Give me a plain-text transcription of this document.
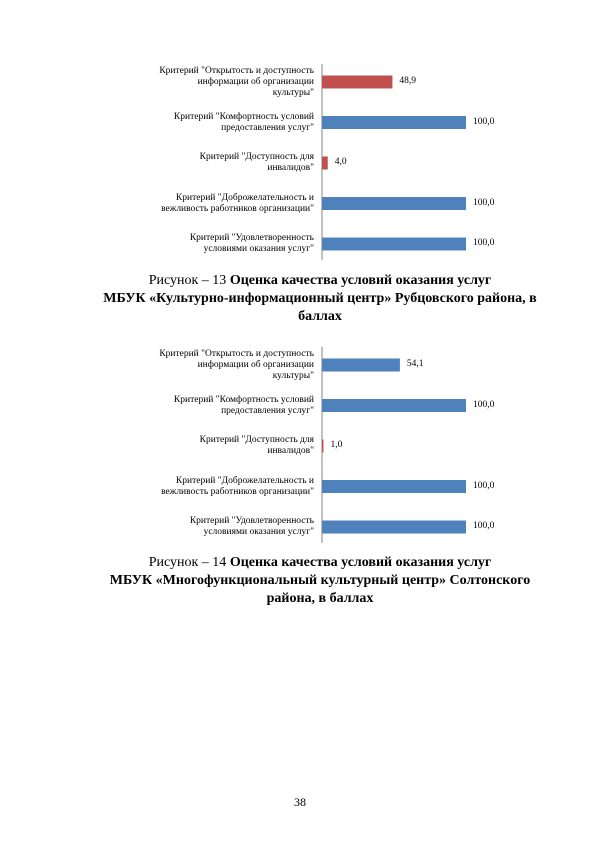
48,9
Критерий "Открытость и доступность
информации об организации
культуры"
100,0
Критерий "Комфортность условий
предоставления услуг"
4,0
Критерий "Доступность для
инвалидов"
100,0
Критерий "Доброжелательность и
вежливость работников организации"
100,0
Критерий "Удовлетворенность
условиями оказания услуг"
Рисунок – 13 Оценка качества условий оказания услуг
МБУК «Культурно-информационный центр» Рубцовского района, в
баллах
54,1
Критерий "Открытость и доступность
информации об организации
культуры"
100,0
Критерий "Комфортность условий
предоставления услуг"
1,0
Критерий "Доступность для
инвалидов"
100,0
Критерий "Доброжелательность и
вежливость работников организации"
100,0
Критерий "Удовлетворенность
условиями оказания услуг"
Рисунок – 14 Оценка качества условий оказания услуг
МБУК «Многофункциональный культурный центр» Солтонского
района, в баллах
38
